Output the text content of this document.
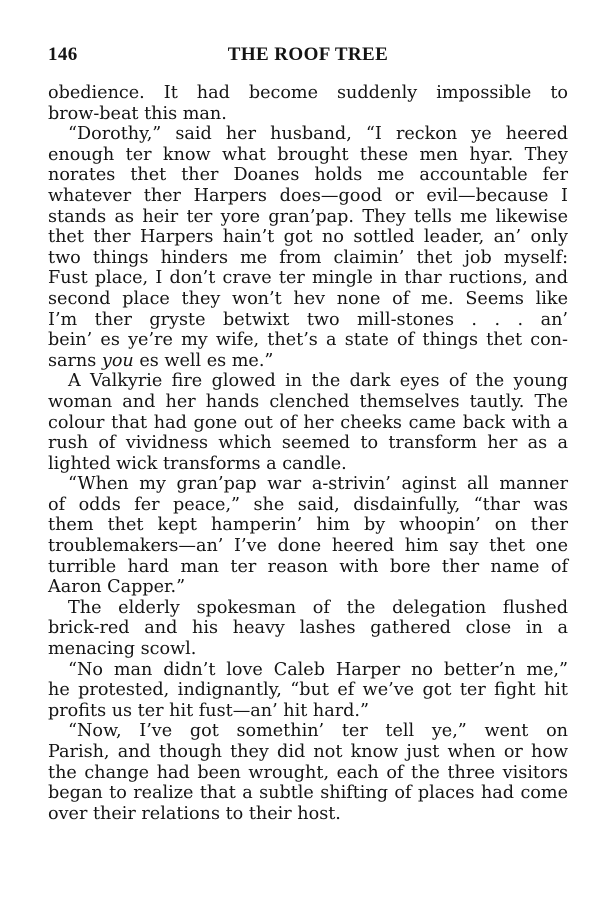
146	THE ROOF TREE
obedience. It had become suddenly impossible to
brow-beat this man.
“Dorothy,” said her husband, “I reckon ye heered
enough ter know what brought these men hyar. They
norates thet ther Doanes holds me accountable fer
whatever ther Harpers does—good or evil—because I
stands as heir ter yore gran’pap. They tells me likewise
thet ther Harpers hain’t got no sottled leader, an’ only
two things hinders me from claimin’ thet job myself:
Fust place, I don’t crave ter mingle in thar ructions, and
second place they won’t hev none of me. Seems like
I’m ther gryste betwixt two mill-stones . . . an’
bein’ es ye’re my wife, thet’s a state of things thet con-
sarns you es well es me.”
A Valkyrie fire glowed in the dark eyes of the young
woman and her hands clenched themselves tautly. The
colour that had gone out of her cheeks came back with a
rush of vividness which seemed to transform her as a
lighted wick transforms a candle.
“When my gran’pap war a-strivin’ aginst all manner
of odds fer peace,” she said, disdainfully, “thar was
them thet kept hamperin’ him by whoopin’ on ther
troublemakers—an’ I’ve done heered him say thet one
turrible hard man ter reason with bore ther name of
Aaron Capper.”
The elderly spokesman of the delegation flushed
brick-red and his heavy lashes gathered close in a
menacing scowl.
“No man didn’t love Caleb Harper no better’n me,”
he protested, indignantly, “but ef we’ve got ter fight hit
profits us ter hit fust—an’ hit hard.”
“Now, I’ve got somethin’ ter tell ye,” went on
Parish, and though they did not know just when or how
the change had been wrought, each of the three visitors
began to realize that a subtle shifting of places had come
over their relations to their host.
